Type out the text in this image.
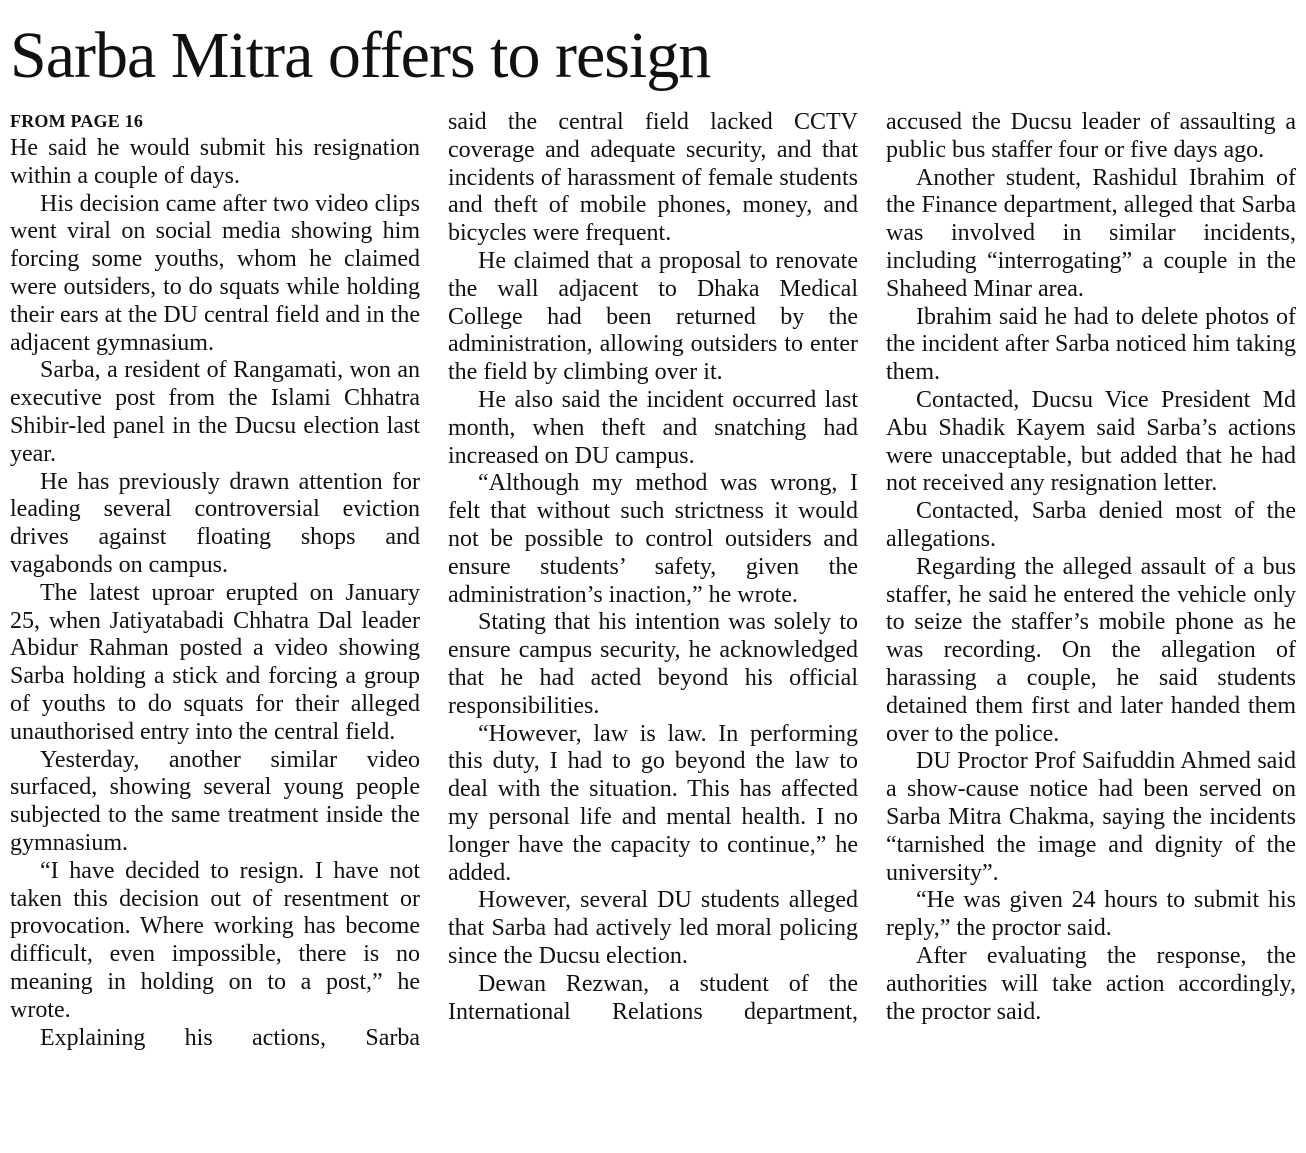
Sarba Mitra offers to resign
FROM PAGE 16

He said he would submit his resignation within a couple of days.

His decision came after two video clips went viral on social media showing him forcing some youths, whom he claimed were outsiders, to do squats while holding their ears at the DU central field and in the adjacent gymnasium.

Sarba, a resident of Rangamati, won an executive post from the Islami Chhatra Shibir-led panel in the Ducsu election last year.

He has previously drawn attention for leading several controversial eviction drives against floating shops and vagabonds on campus.

The latest uproar erupted on January 25, when Jatiyatabadi Chhatra Dal leader Abidur Rahman posted a video showing Sarba holding a stick and forcing a group of youths to do squats for their alleged unauthorised entry into the central field.

Yesterday, another similar video surfaced, showing several young people subjected to the same treatment inside the gymnasium.

“I have decided to resign. I have not taken this decision out of resentment or provocation. Where working has become difficult, even impossible, there is no meaning in holding on to a post,” he wrote.

Explaining his actions, Sarba

said the central field lacked CCTV coverage and adequate security, and that incidents of harassment of female students and theft of mobile phones, money, and bicycles were frequent.

He claimed that a proposal to renovate the wall adjacent to Dhaka Medical College had been returned by the administration, allowing outsiders to enter the field by climbing over it.

He also said the incident occurred last month, when theft and snatching had increased on DU campus.

“Although my method was wrong, I felt that without such strictness it would not be possible to control outsiders and ensure students’ safety, given the administration’s inaction,” he wrote.

Stating that his intention was solely to ensure campus security, he acknowledged that he had acted beyond his official responsibilities.

“However, law is law. In performing this duty, I had to go beyond the law to deal with the situation. This has affected my personal life and mental health. I no longer have the capacity to continue,” he added.

However, several DU students alleged that Sarba had actively led moral policing since the Ducsu election.

Dewan Rezwan, a student of the International Relations department,

accused the Ducsu leader of assaulting a public bus staffer four or five days ago.

Another student, Rashidul Ibrahim of the Finance department, alleged that Sarba was involved in similar incidents, including “interrogating” a couple in the Shaheed Minar area.

Ibrahim said he had to delete photos of the incident after Sarba noticed him taking them.

Contacted, Ducsu Vice President Md Abu Shadik Kayem said Sarba’s actions were unacceptable, but added that he had not received any resignation letter.

Contacted, Sarba denied most of the allegations.

Regarding the alleged assault of a bus staffer, he said he entered the vehicle only to seize the staffer’s mobile phone as he was recording. On the allegation of harassing a couple, he said students detained them first and later handed them over to the police.

DU Proctor Prof Saifuddin Ahmed said a show-cause notice had been served on Sarba Mitra Chakma, saying the incidents “tarnished the image and dignity of the university”.

“He was given 24 hours to submit his reply,” the proctor said.

After evaluating the response, the authorities will take action accordingly, the proctor said.
